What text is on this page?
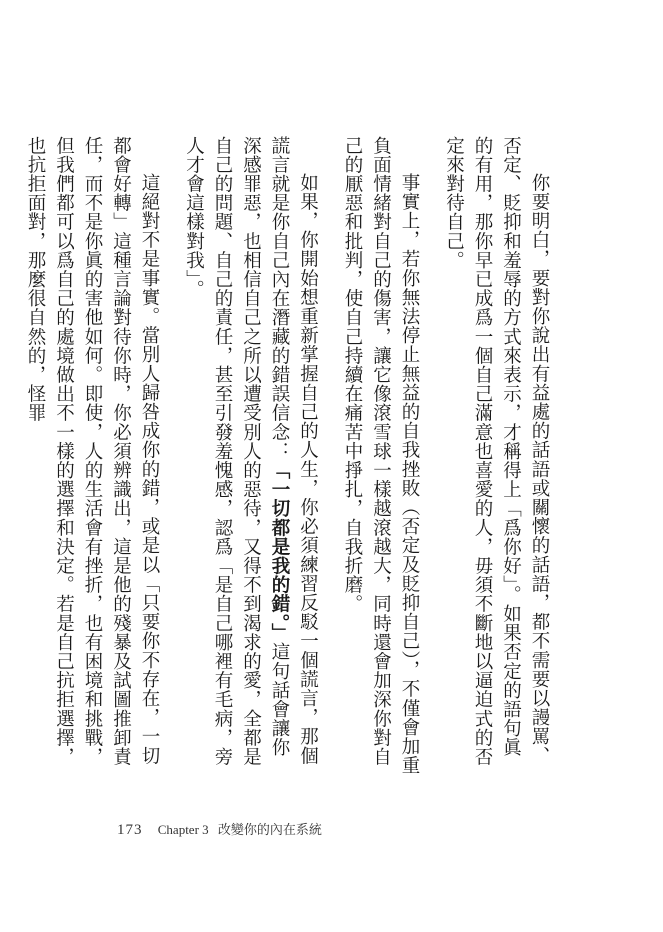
你要明白，要對你說出有益處的話語或關懷的話語，都不需要以謾罵、否定、貶抑和羞辱的方式來表示，才稱得上「爲你好」。如果否定的語句眞的有用，那你早已成爲一個自己滿意也喜愛的人，毋須不斷地以逼迫式的否定來對待自己。

事實上，若你無法停止無益的自我挫敗（否定及貶抑自己），不僅會加重負面情緒對自己的傷害，讓它像滾雪球一樣越滾越大，同時還會加深你對自己的厭惡和批判，使自己持續在痛苦中掙扎，自我折磨。

如果，你開始想重新掌握自己的人生，你必須練習反駁一個謊言，那個謊言就是你自己內在潛藏的錯誤信念：「一切都是我的錯。」這句話會讓你深感罪惡，也相信自己之所以遭受別人的惡待，又得不到渴求的愛，全都是自己的問題、自己的責任，甚至引發羞愧感，認爲「是自己哪裡有毛病，旁人才會這樣對我」。

這絕對不是事實。當別人歸咎成你的錯，或是以「只要你不存在，一切都會好轉」這種言論對待你時，你必須辨識出，這是他的殘暴及試圖推卸責任，而不是你眞的害他如何。即使，人的生活會有挫折，也有困境和挑戰，但我們都可以爲自己的處境做出不一樣的選擇和決定。若是自己抗拒選擇，也抗拒面對，那麼很自然的，怪罪

173 Chapter 3 改變你的內在系統
